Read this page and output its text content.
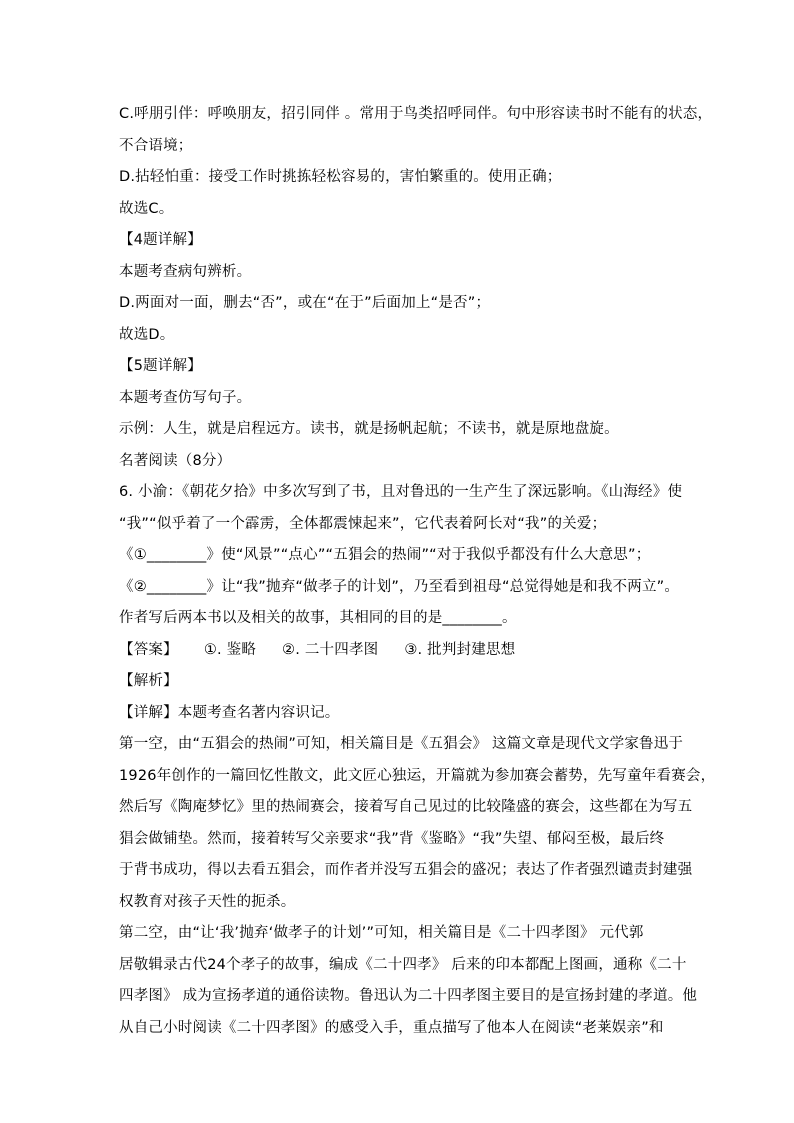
C.呼朋引伴：呼唤朋友，招引同伴 。常用于鸟类招呼同伴。句中形容读书时不能有的状态，
不合语境；
D.拈轻怕重：接受工作时挑拣轻松容易的，害怕繁重的。使用正确；
故选C。
【4题详解】
本题考查病句辨析。
D.两面对一面，删去“否”，或在“在于”后面加上“是否”；
故选D。
【5题详解】
本题考查仿写句子。
示例：人生，就是启程远方。读书，就是扬帆起航；不读书，就是原地盘旋。
名著阅读（8分）
6. 小渝：《朝花夕拾》中多次写到了书，且对鲁迅的一生产生了深远影响。《山海经》使
“我”“似乎着了一个霹雳，全体都震悚起来”，它代表着阿长对“我”的关爱；
《①________》使“风景”“点心”“五猖会的热闹”“对于我似乎都没有什么大意思”；
《②________》让“我”抛弃“做孝子的计划”，乃至看到祖母“总觉得她是和我不两立”。
作者写后两本书以及相关的故事，其相同的目的是________。
【答案】 ①. 鉴略 ②. 二十四孝图 ③. 批判封建思想
【解析】
【详解】本题考查名著内容识记。
第一空，由“五猖会的热闹”可知，相关篇目是《五猖会》 这篇文章是现代文学家鲁迅于
1926年创作的一篇回忆性散文，此文匠心独运，开篇就为参加赛会蓄势，先写童年看赛会，
然后写《陶庵梦忆》里的热闹赛会，接着写自己见过的比较隆盛的赛会，这些都在为写五
猖会做铺垫。然而，接着转写父亲要求“我”背《鉴略》“我”失望、郁闷至极，最后终
于背书成功，得以去看五猖会，而作者并没写五猖会的盛况；表达了作者强烈谴责封建强
权教育对孩子天性的扼杀。
第二空，由“让‘我’抛弃‘做孝子的计划’”可知，相关篇目是《二十四孝图》 元代郭
居敬辑录古代24个孝子的故事，编成《二十四孝》 后来的印本都配上图画，通称《二十
四孝图》 成为宣扬孝道的通俗读物。鲁迅认为二十四孝图主要目的是宣扬封建的孝道。他
从自己小时阅读《二十四孝图》的感受入手，重点描写了他本人在阅读“老莱娱亲”和
